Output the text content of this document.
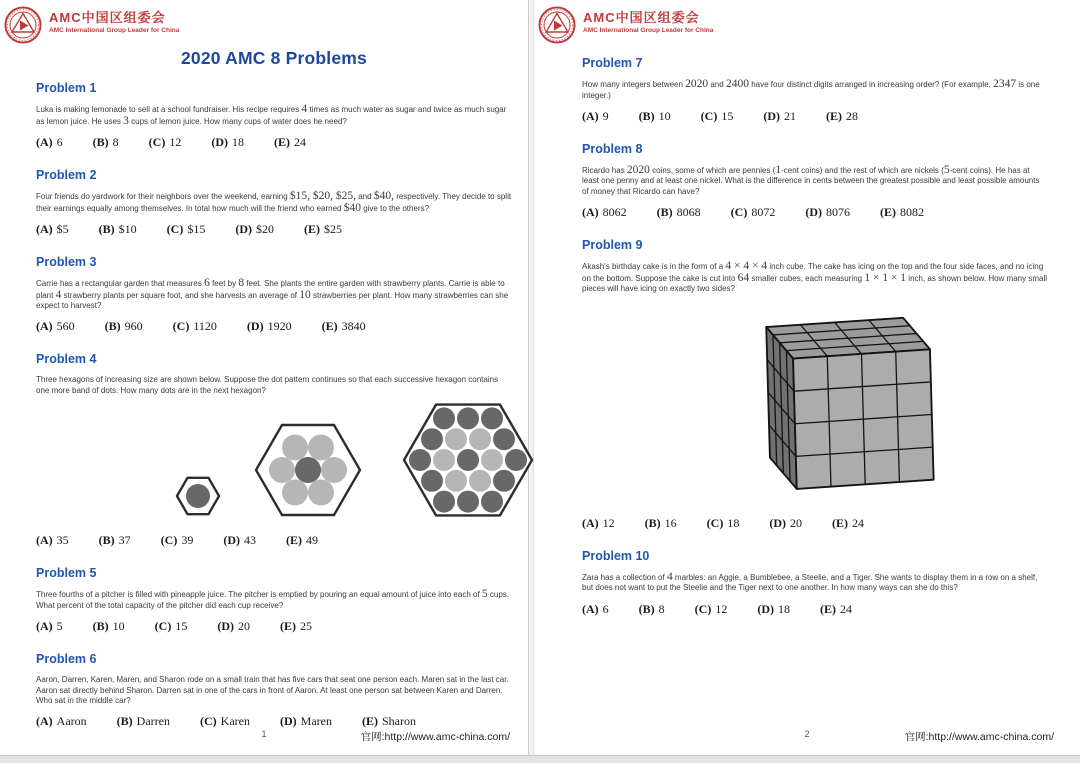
AMC中国区组委会
AMC International Group Leader for China
2020 AMC 8 Problems
Problem 1

Luka is making lemonade to sell at a school fundraiser. His recipe requires 4 times as much water as sugar and twice as much sugar as lemon juice. He uses 3 cups of lemon juice. How many cups of water does he need?

(A) 6	(B) 8	(C) 12	(D) 18	(E) 24
Problem 2

Four friends do yardwork for their neighbors over the weekend, earning $15, $20, $25, and $40, respectively. They decide to split their earnings equally among themselves. In total how much will the friend who earned $40 give to the others?

(A) $5	(B) $10	(C) $15	(D) $20	(E) $25
Problem 3

Carrie has a rectangular garden that measures 6 feet by 8 feet. She plants the entire garden with strawberry plants. Carrie is able to plant 4 strawberry plants per square foot, and she harvests an average of 10 strawberries per plant. How many strawberries can she expect to harvest?

(A) 560	(B) 960	(C) 1120	(D) 1920	(E) 3840
Problem 4

Three hexagons of increasing size are shown below. Suppose the dot pattern continues so that each successive hexagon contains one more band of dots. How many dots are in the next hexagon?

(A) 35	(B) 37	(C) 39	(D) 43	(E) 49
Problem 5

Three fourths of a pitcher is filled with pineapple juice. The pitcher is emptied by pouring an equal amount of juice into each of 5 cups. What percent of the total capacity of the pitcher did each cup receive?

(A) 5	(B) 10	(C) 15	(D) 20	(E) 25
Problem 6

Aaron, Darren, Karen, Maren, and Sharon rode on a small train that has five cars that seat one person each. Maren sat in the last car. Aaron sat directly behind Sharon. Darren sat in one of the cars in front of Aaron. At least one person sat between Karen and Darren. Who sat in the middle car?

(A) Aaron	(B) Darren	(C) Karen	(D) Maren	(E) Sharon
1	官网:http://www.amc-china.com/
AMC中国区组委会
AMC International Group Leader for China
Problem 7

How many integers between 2020 and 2400 have four distinct digits arranged in increasing order? (For example, 2347 is one integer.)

(A) 9	(B) 10	(C) 15	(D) 21	(E) 28
Problem 8

Ricardo has 2020 coins, some of which are pennies (1-cent coins) and the rest of which are nickels (5-cent coins). He has at least one penny and at least one nickel. What is the difference in cents between the greatest possible and least possible amounts of money that Ricardo can have?

(A) 8062	(B) 8068	(C) 8072	(D) 8076	(E) 8082
Problem 9

Akash's birthday cake is in the form of a 4 × 4 × 4 inch cube. The cake has icing on the top and the four side faces, and no icing on the bottom. Suppose the cake is cut into 64 smaller cubes, each measuring 1 × 1 × 1 inch, as shown below. How many small pieces will have icing on exactly two sides?

(A) 12	(B) 16	(C) 18	(D) 20	(E) 24
Problem 10

Zara has a collection of 4 marbles: an Aggie, a Bumblebee, a Steelie, and a Tiger. She wants to display them in a row on a shelf, but does not want to put the Steelie and the Tiger next to one another. In how many ways can she do this?

(A) 6	(B) 8	(C) 12	(D) 18	(E) 24
2	官网:http://www.amc-china.com/
